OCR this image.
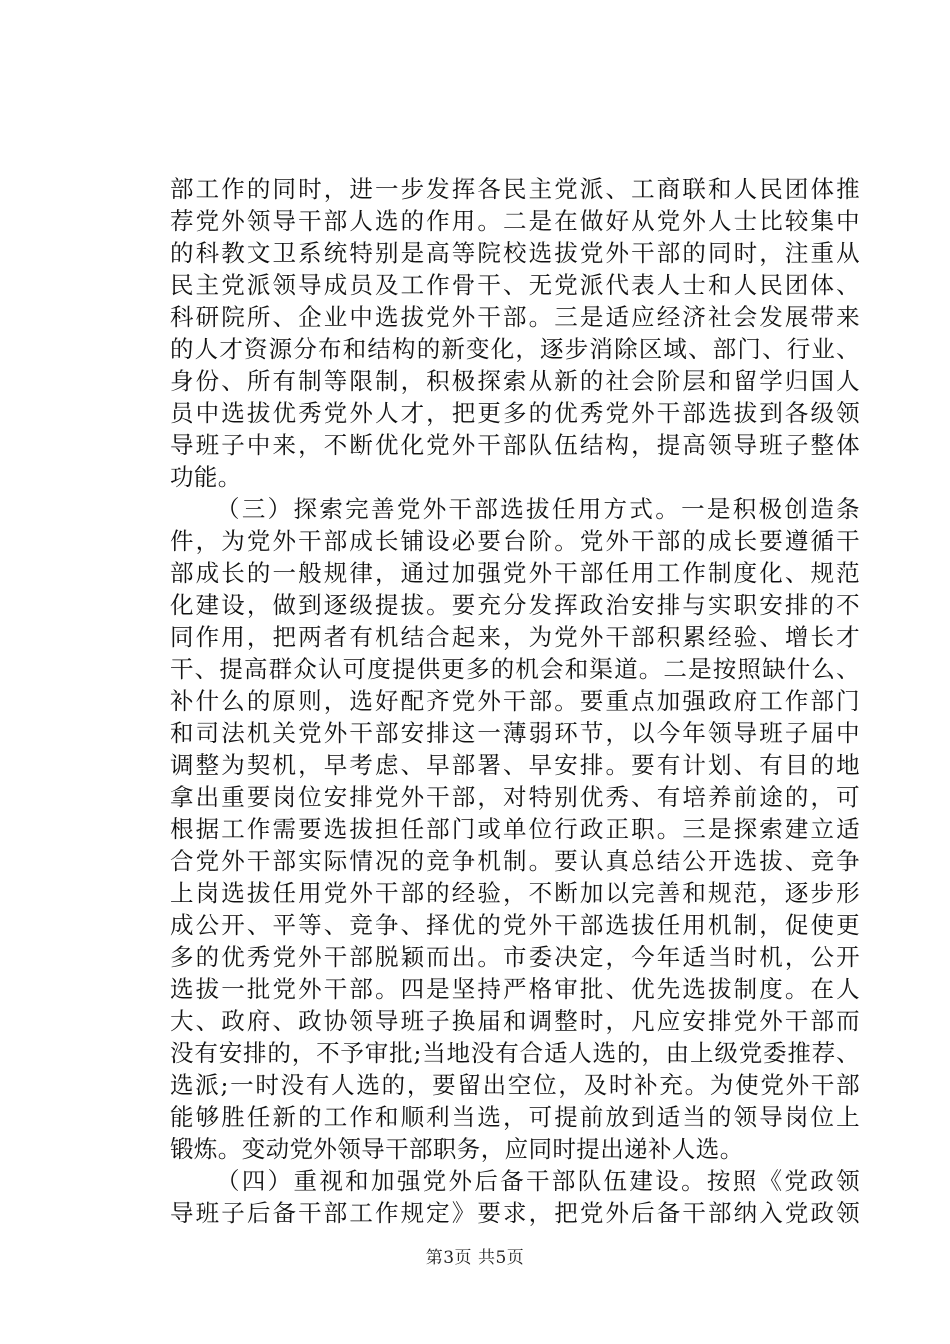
部工作的同时，进一步发挥各民主党派、工商联和人民团体推
荐党外领导干部人选的作用。二是在做好从党外人士比较集中
的科教文卫系统特别是高等院校选拔党外干部的同时，注重从
民主党派领导成员及工作骨干、无党派代表人士和人民团体、
科研院所、企业中选拔党外干部。三是适应经济社会发展带来
的人才资源分布和结构的新变化，逐步消除区域、部门、行业、
身份、所有制等限制，积极探索从新的社会阶层和留学归国人
员中选拔优秀党外人才，把更多的优秀党外干部选拔到各级领
导班子中来，不断优化党外干部队伍结构，提高领导班子整体
功能。
（三）探索完善党外干部选拔任用方式。一是积极创造条
件，为党外干部成长铺设必要台阶。党外干部的成长要遵循干
部成长的一般规律，通过加强党外干部任用工作制度化、规范
化建设，做到逐级提拔。要充分发挥政治安排与实职安排的不
同作用，把两者有机结合起来，为党外干部积累经验、增长才
干、提高群众认可度提供更多的机会和渠道。二是按照缺什么、
补什么的原则，选好配齐党外干部。要重点加强政府工作部门
和司法机关党外干部安排这一薄弱环节，以今年领导班子届中
调整为契机，早考虑、早部署、早安排。要有计划、有目的地
拿出重要岗位安排党外干部，对特别优秀、有培养前途的，可
根据工作需要选拔担任部门或单位行政正职。三是探索建立适
合党外干部实际情况的竞争机制。要认真总结公开选拔、竞争
上岗选拔任用党外干部的经验，不断加以完善和规范，逐步形
成公开、平等、竞争、择优的党外干部选拔任用机制，促使更
多的优秀党外干部脱颖而出。市委决定，今年适当时机，公开
选拔一批党外干部。四是坚持严格审批、优先选拔制度。在人
大、政府、政协领导班子换届和调整时，凡应安排党外干部而
没有安排的，不予审批;当地没有合适人选的，由上级党委推荐、
选派;一时没有人选的，要留出空位，及时补充。为使党外干部
能够胜任新的工作和顺利当选，可提前放到适当的领导岗位上
锻炼。变动党外领导干部职务，应同时提出递补人选。
（四）重视和加强党外后备干部队伍建设。按照《党政领
导班子后备干部工作规定》要求，把党外后备干部纳入党政领
第3页 共5页
